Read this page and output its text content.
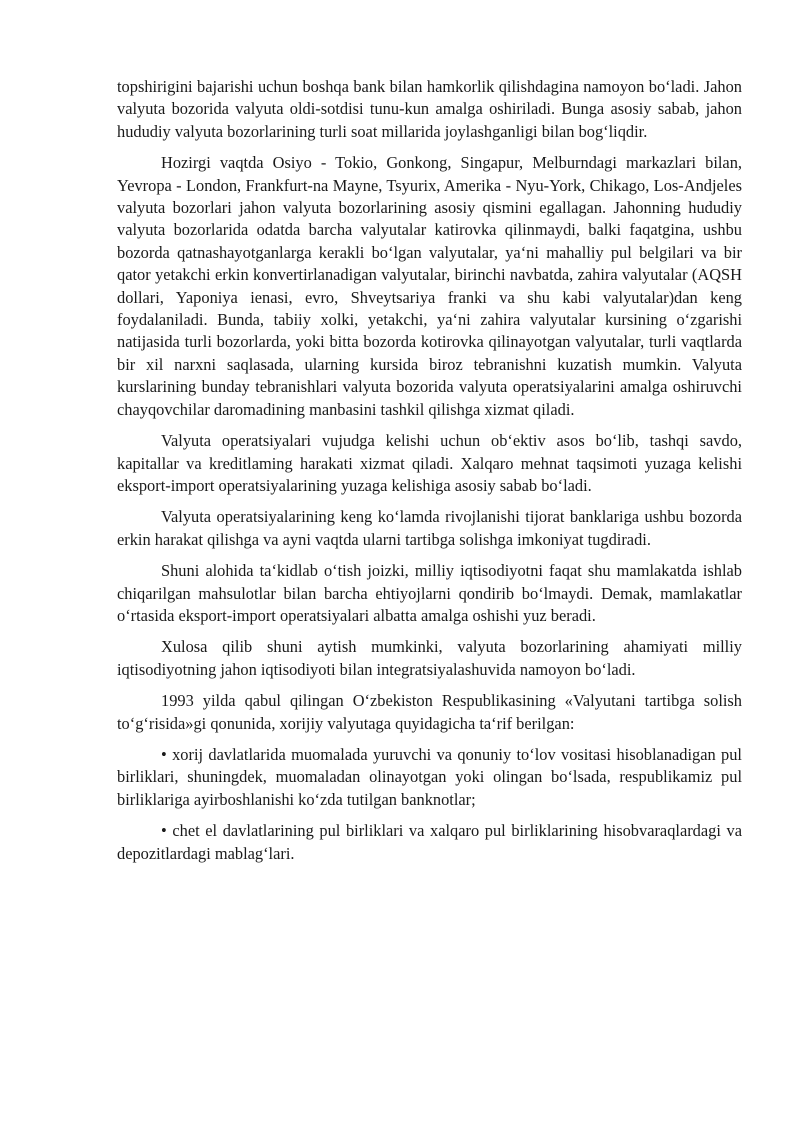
topshirigini bajarishi uchun boshqa bank bilan hamkorlik qilishdagina namoyon bo‘ladi. Jahon valyuta bozorida valyuta oldi-sotdisi tunu-kun amalga oshiriladi. Bunga asosiy sabab, jahon hududiy valyuta bozorlarining turli soat millarida joylashganligi bilan bog‘liqdir.

Hozirgi vaqtda Osiyo - Tokio, Gonkong, Singapur, Melburndagi markazlari bilan, Yevropa - London, Frankfurt-na Mayne, Tsyurix, Amerika - Nyu-York, Chikago, Los-Andjeles valyuta bozorlari jahon valyuta bozorlarining asosiy qismini egallagan. Jahonning hududiy valyuta bozorlarida odatda barcha valyutalar katirovka qilinmaydi, balki faqatgina, ushbu bozorda qatnashayotganlarga kerakli bo‘lgan valyutalar, ya‘ni mahalliy pul belgilari va bir qator yetakchi erkin konvertirlanadigan valyutalar, birinchi navbatda, zahira valyutalar (AQSH dollari, Yaponiya ienasi, evro, Shveytsariya franki va shu kabi valyutalar)dan keng foydalaniladi. Bunda, tabiiy xolki, yetakchi, ya‘ni zahira valyutalar kursining o‘zgarishi natijasida turli bozorlarda, yoki bitta bozorda kotirovka qilinayotgan valyutalar, turli vaqtlarda bir xil narxni saqlasada, ularning kursida biroz tebranishni kuzatish mumkin. Valyuta kurslarining bunday tebranishlari valyuta bozorida valyuta operatsiyalarini amalga oshiruvchi chayqovchilar daromadining manbasini tashkil qilishga xizmat qiladi.

Valyuta operatsiyalari vujudga kelishi uchun ob‘ektiv asos bo‘lib, tashqi savdo, kapitallar va kreditlaming harakati xizmat qiladi. Xalqaro mehnat taqsimoti yuzaga kelishi eksport-import operatsiyalarining yuzaga kelishiga asosiy sabab bo‘ladi.

Valyuta operatsiyalarining keng ko‘lamda rivojlanishi tijorat banklariga ushbu bozorda erkin harakat qilishga va ayni vaqtda ularni tartibga solishga imkoniyat tugdiradi.

Shuni alohida ta‘kidlab o‘tish joizki, milliy iqtisodiyotni faqat shu mamlakatda ishlab chiqarilgan mahsulotlar bilan barcha ehtiyojlarni qondirib bo‘lmaydi. Demak, mamlakatlar o‘rtasida eksport-import operatsiyalari albatta amalga oshishi yuz beradi.

Xulosa qilib shuni aytish mumkinki, valyuta bozorlarining ahamiyati milliy iqtisodiyotning jahon iqtisodiyoti bilan integratsiyalashuvida namoyon bo‘ladi.

1993 yilda qabul qilingan O‘zbekiston Respublikasining «Valyutani tartibga solish to‘g‘risida»gi qonunida, xorijiy valyutaga quyidagicha ta‘rif berilgan:

• xorij davlatlarida muomalada yuruvchi va qonuniy to‘lov vositasi hisoblanadigan pul birliklari, shuningdek, muomaladan olinayotgan yoki olingan bo‘lsada, respublikamiz pul birliklariga ayirboshlanishi ko‘zda tutilgan banknotlar;

• chet el davlatlarining pul birliklari va xalqaro pul birliklarining hisobvaraqlardagi va depozitlardagi mablag‘lari.
